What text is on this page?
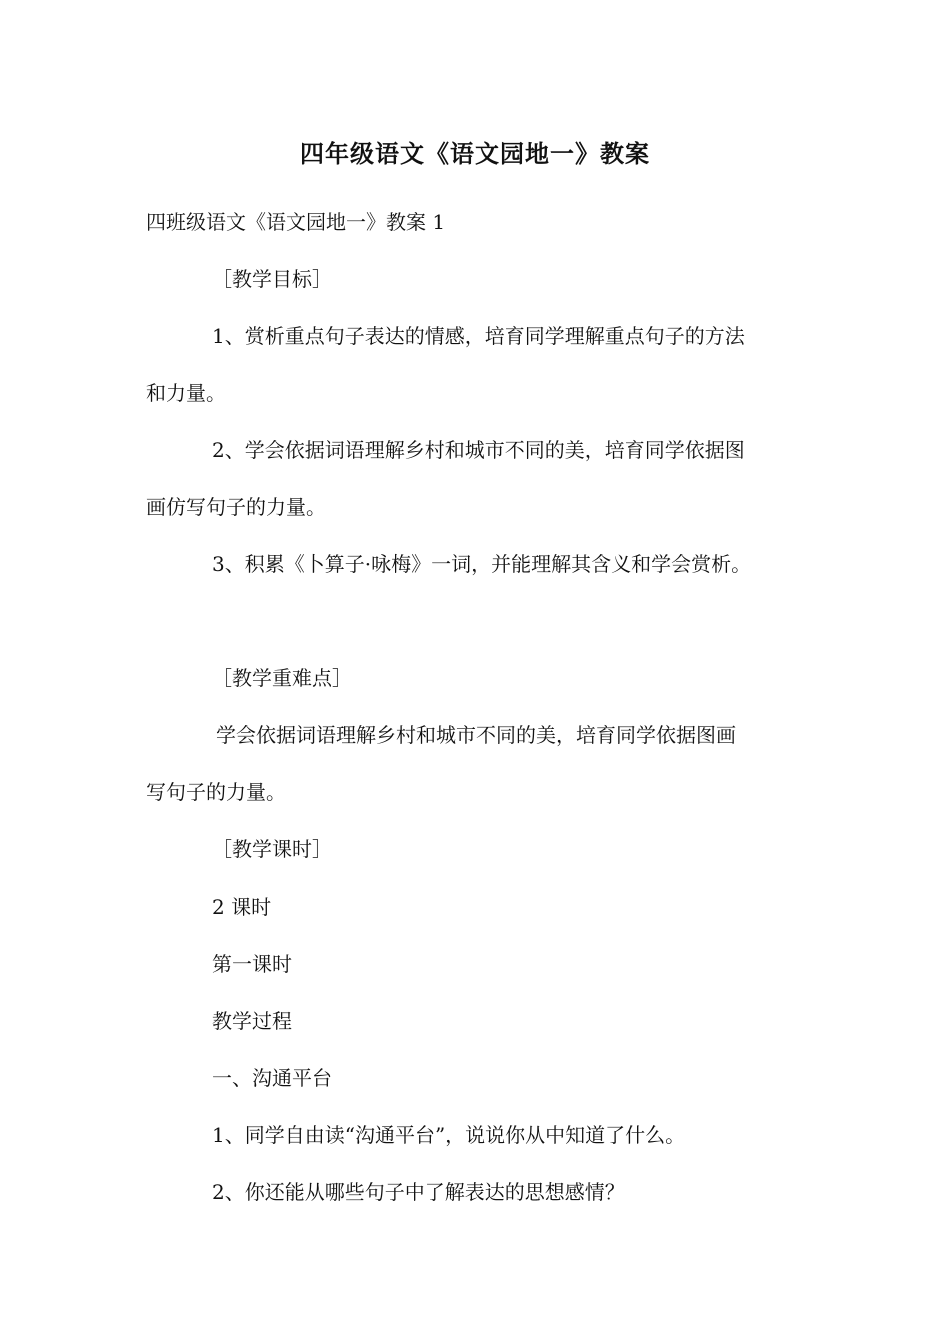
四年级语文《语文园地一》教案
四班级语文《语文园地一》教案 1
［教学目标］
1、赏析重点句子表达的情感，培育同学理解重点句子的方法
和力量。
2、学会依据词语理解乡村和城市不同的美，培育同学依据图
画仿写句子的力量。
3、积累《卜算子·咏梅》一词，并能理解其含义和学会赏析。
［教学重难点］
学会依据词语理解乡村和城市不同的美，培育同学依据图画
写句子的力量。
［教学课时］
2 课时
第一课时
教学过程
一、沟通平台
1、同学自由读“沟通平台”，说说你从中知道了什么。
2、你还能从哪些句子中了解表达的思想感情？
